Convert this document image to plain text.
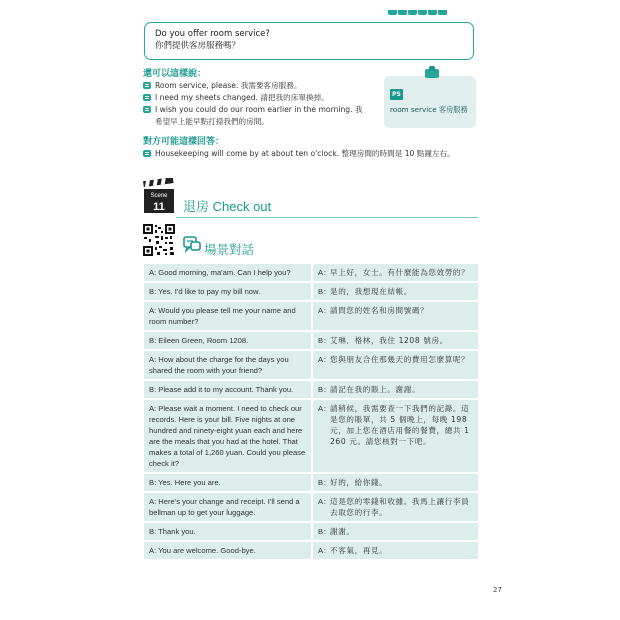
Do you offer room service?
你們提供客房服務嗎？
還可以這樣說：
Room service, please. 我需要客房服務。
I need my sheets changed. 請把我的床單換掉。
I wish you could do our room earlier in the morning. 我希望早上能早點打掃我們的房間。
對方可能這樣回答：
Housekeeping will come by at about ten o'clock. 整理房間的時間是 10 點鐘左右。
PS
room service 客房服務
Scene
11 退房 Check out
場景對話
A: Good morning, ma'am. Can I help you?	A： 早上好，女士。有什麼能為您效勞的？

B: Yes. I'd like to pay my bill now.	B： 是的，我想現在結帳。

A: Would you please tell me your name and room number?	A： 請問您的姓名和房間號碼？

B: Eileen Green, Room 1208.	B： 艾琳．格林，我住 1208 號房。

A: How about the charge for the days you shared the room with your friend?	A： 您與朋友合住那幾天的費用怎麼算呢？

B: Please add it to my account. Thank you.	B： 請記在我的賬上。謝謝。

A: Please wait a moment. I need to check our records. Here is your bill. Five nights at one hundred and ninety-eight yuan each and here are the meals that you had at the hotel. That makes a total of 1,260 yuan. Could you please check it?	A： 請稍候，我需要查一下我們的記錄。這是您的賬單，共 5 個晚上，每晚 198 元，加上您在酒店用餐的餐費，總共 1 260 元。請您核對一下吧。

B: Yes. Here you are.	B： 好的，給你錢。

A: Here's your change and receipt. I'll send a bellman up to get your luggage.	A： 這是您的零錢和收據。我馬上讓行李員去取您的行李。

B: Thank you.	B： 謝謝。

A: You are welcome. Good-bye.	A： 不客氣，再見。
27
